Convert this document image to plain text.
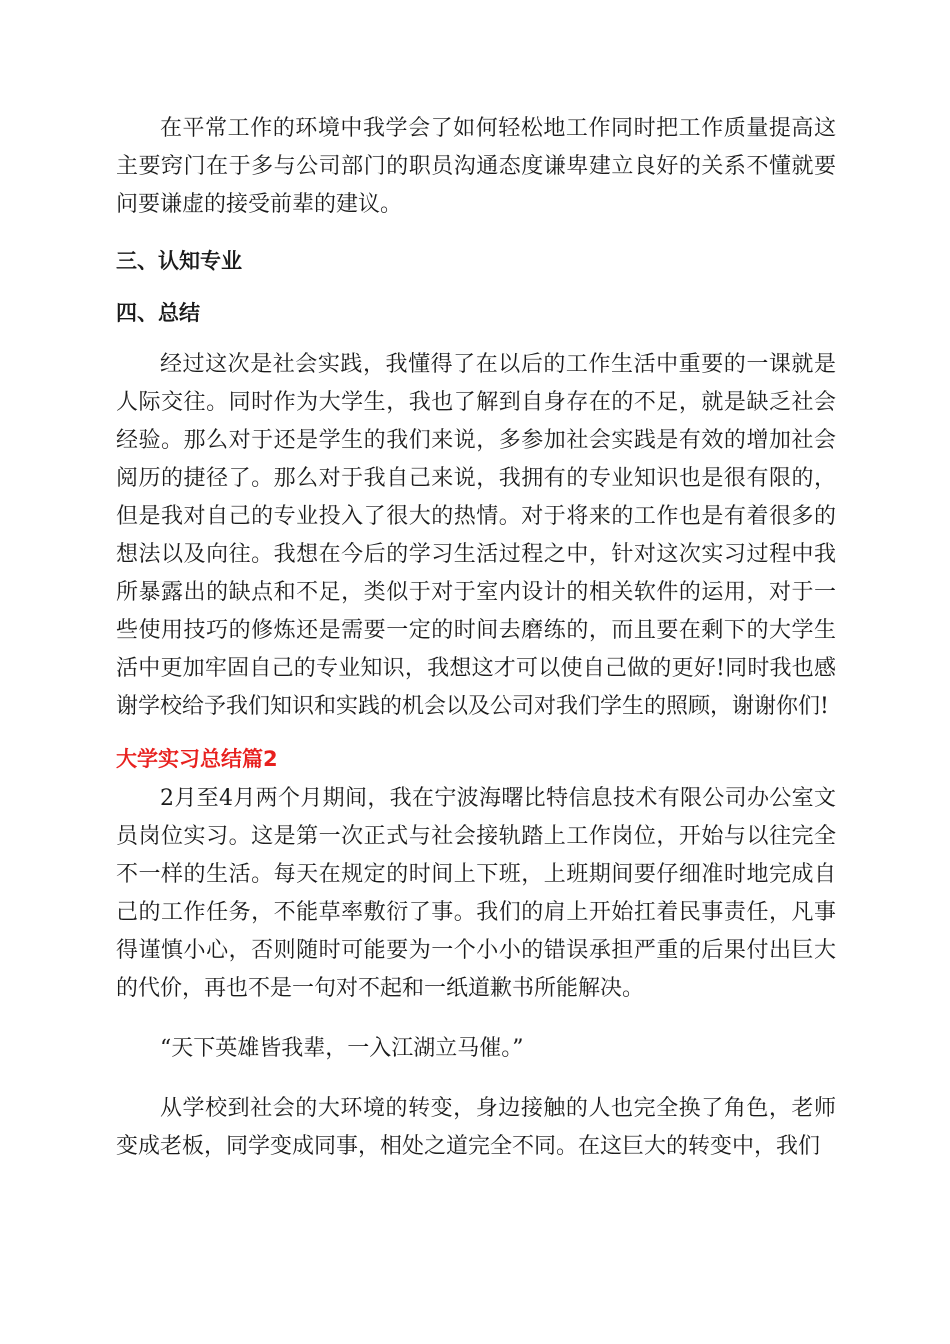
在平常工作的环境中我学会了如何轻松地工作同时把工作质量提高这主要窍门在于多与公司部门的职员沟通态度谦卑建立良好的关系不懂就要问要谦虚的接受前辈的建议。

三、认知专业

四、总结

经过这次是社会实践，我懂得了在以后的工作生活中重要的一课就是人际交往。同时作为大学生，我也了解到自身存在的不足，就是缺乏社会经验。那么对于还是学生的我们来说，多参加社会实践是有效的增加社会阅历的捷径了。那么对于我自己来说，我拥有的专业知识也是很有限的，但是我对自己的专业投入了很大的热情。对于将来的工作也是有着很多的想法以及向往。我想在今后的学习生活过程之中，针对这次实习过程中我所暴露出的缺点和不足，类似于对于室内设计的相关软件的运用，对于一些使用技巧的修炼还是需要一定的时间去磨练的，而且要在剩下的大学生活中更加牢固自己的专业知识，我想这才可以使自己做的更好!同时我也感谢学校给予我们知识和实践的机会以及公司对我们学生的照顾，谢谢你们!

大学实习总结篇2

2月至4月两个月期间，我在宁波海曙比特信息技术有限公司办公室文员岗位实习。这是第一次正式与社会接轨踏上工作岗位，开始与以往完全不一样的生活。每天在规定的时间上下班，上班期间要仔细准时地完成自己的工作任务，不能草率敷衍了事。我们的肩上开始扛着民事责任，凡事得谨慎小心，否则随时可能要为一个小小的错误承担严重的后果付出巨大的代价，再也不是一句对不起和一纸道歉书所能解决。

“天下英雄皆我辈，一入江湖立马催。”

从学校到社会的大环境的转变，身边接触的人也完全换了角色，老师变成老板，同学变成同事，相处之道完全不同。在这巨大的转变中，我们
